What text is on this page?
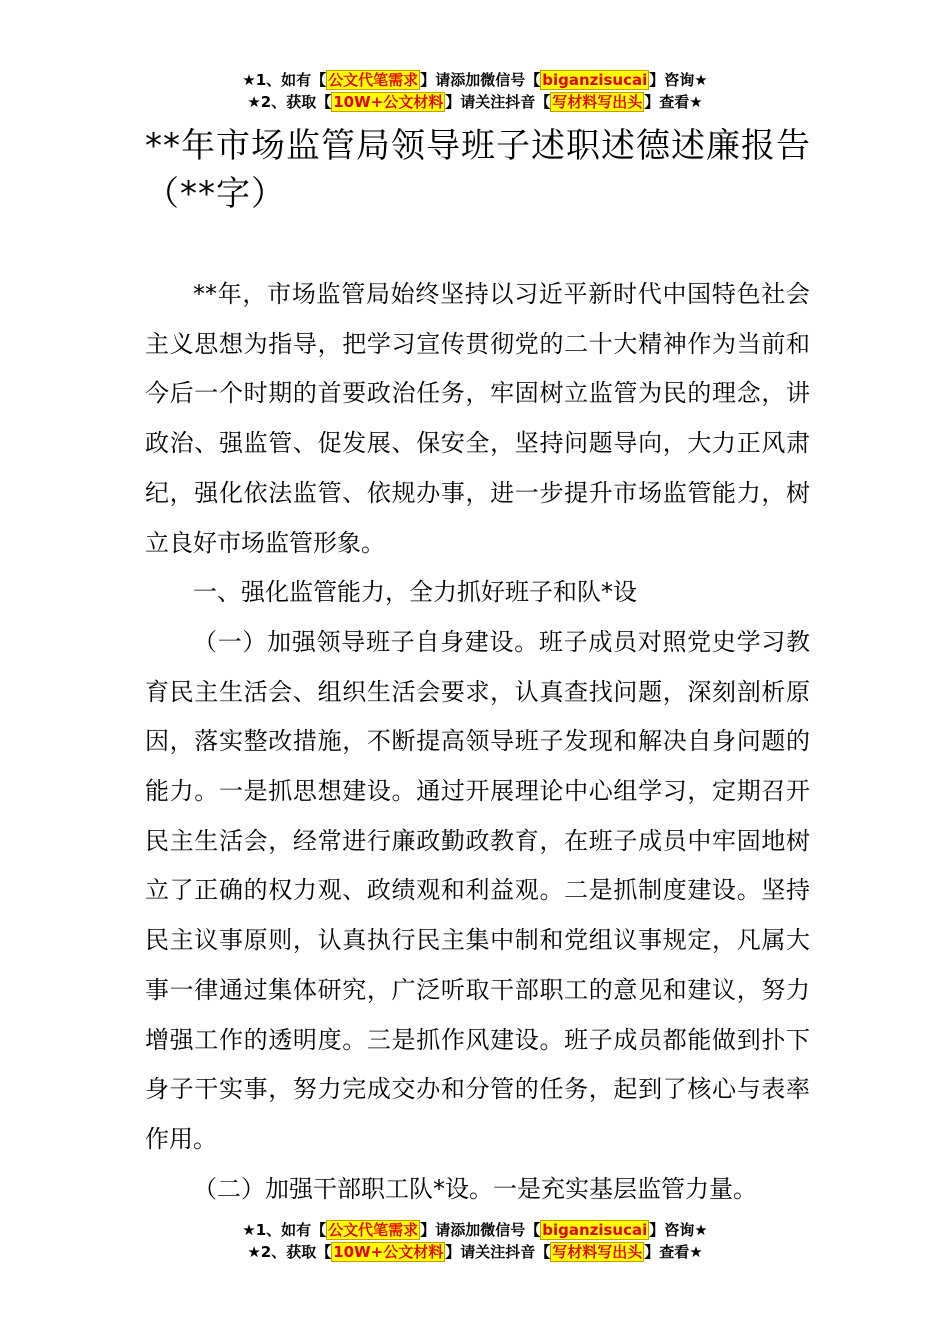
★1、如有【 公文代笔需求 】请添加微信号【 biganzisucai 】咨询★
★2、获取【 10W+公文材料 】请关注抖音【 写材料写出头 】查看★
**年市场监管局领导班子述职述德述廉报告（**字）

**年，市场监管局始终坚持以习近平新时代中国特色社会主义思想为指导，把学习宣传贯彻党的二十大精神作为当前和今后一个时期的首要政治任务，牢固树立监管为民的理念，讲政治、强监管、促发展、保安全，坚持问题导向，大力正风肃纪，强化依法监管、依规办事，进一步提升市场监管能力，树立良好市场监管形象。

一、强化监管能力，全力抓好班子和队*设

（一）加强领导班子自身建设。班子成员对照党史学习教育民主生活会、组织生活会要求，认真查找问题，深刻剖析原因，落实整改措施，不断提高领导班子发现和解决自身问题的能力。一是抓思想建设。通过开展理论中心组学习，定期召开民主生活会，经常进行廉政勤政教育，在班子成员中牢固地树立了正确的权力观、政绩观和利益观。二是抓制度建设。坚持民主议事原则，认真执行民主集中制和党组议事规定，凡属大事一律通过集体研究，广泛听取干部职工的意见和建议，努力增强工作的透明度。三是抓作风建设。班子成员都能做到扑下身子干实事，努力完成交办和分管的任务，起到了核心与表率作用。

（二）加强干部职工队*设。一是充实基层监管力量。

★1、如有【 公文代笔需求 】请添加微信号【 biganzisucai 】咨询★
★2、获取【 10W+公文材料 】请关注抖音【 写材料写出头 】查看★
